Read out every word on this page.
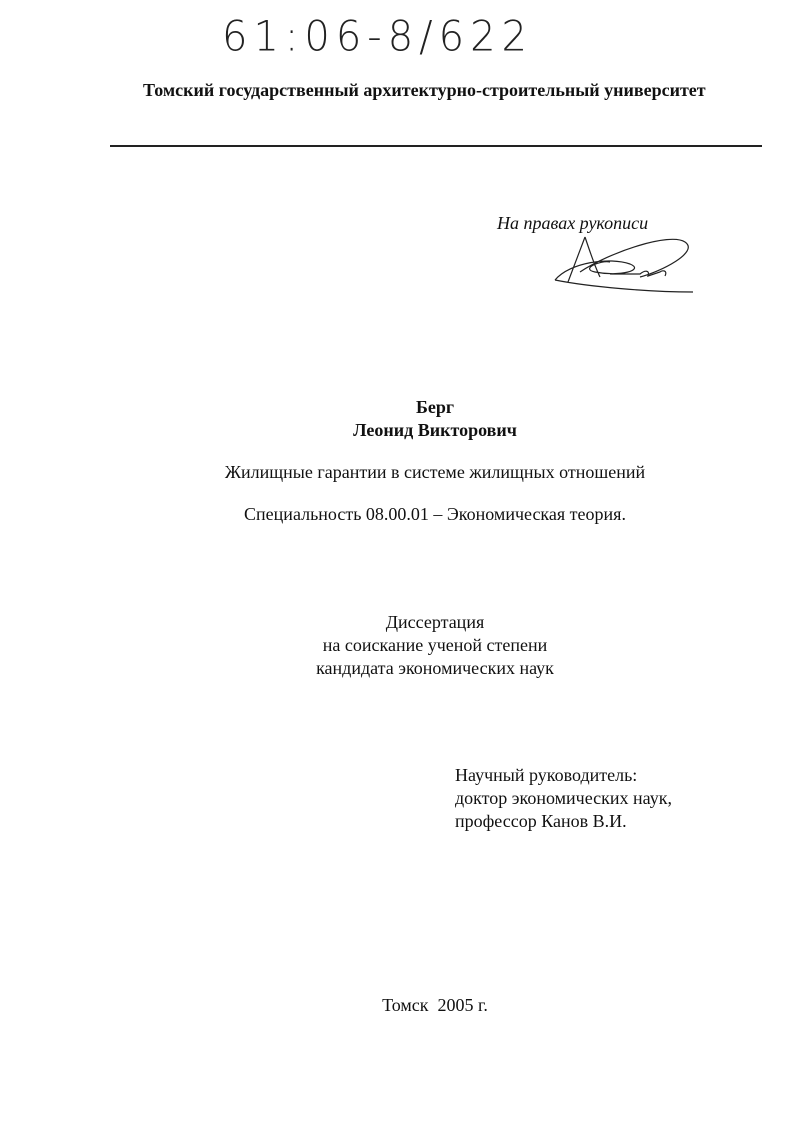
61:06-8/622
Томский государственный архитектурно-строительный университет
На правах рукописи
Берг
Леонид Викторович
Жилищные гарантии в системе жилищных отношений
Специальность 08.00.01 – Экономическая теория.
Диссертация
на соискание ученой степени
кандидата экономических наук
Научный руководитель:
доктор экономических наук,
профессор Канов В.И.
Томск  2005 г.
